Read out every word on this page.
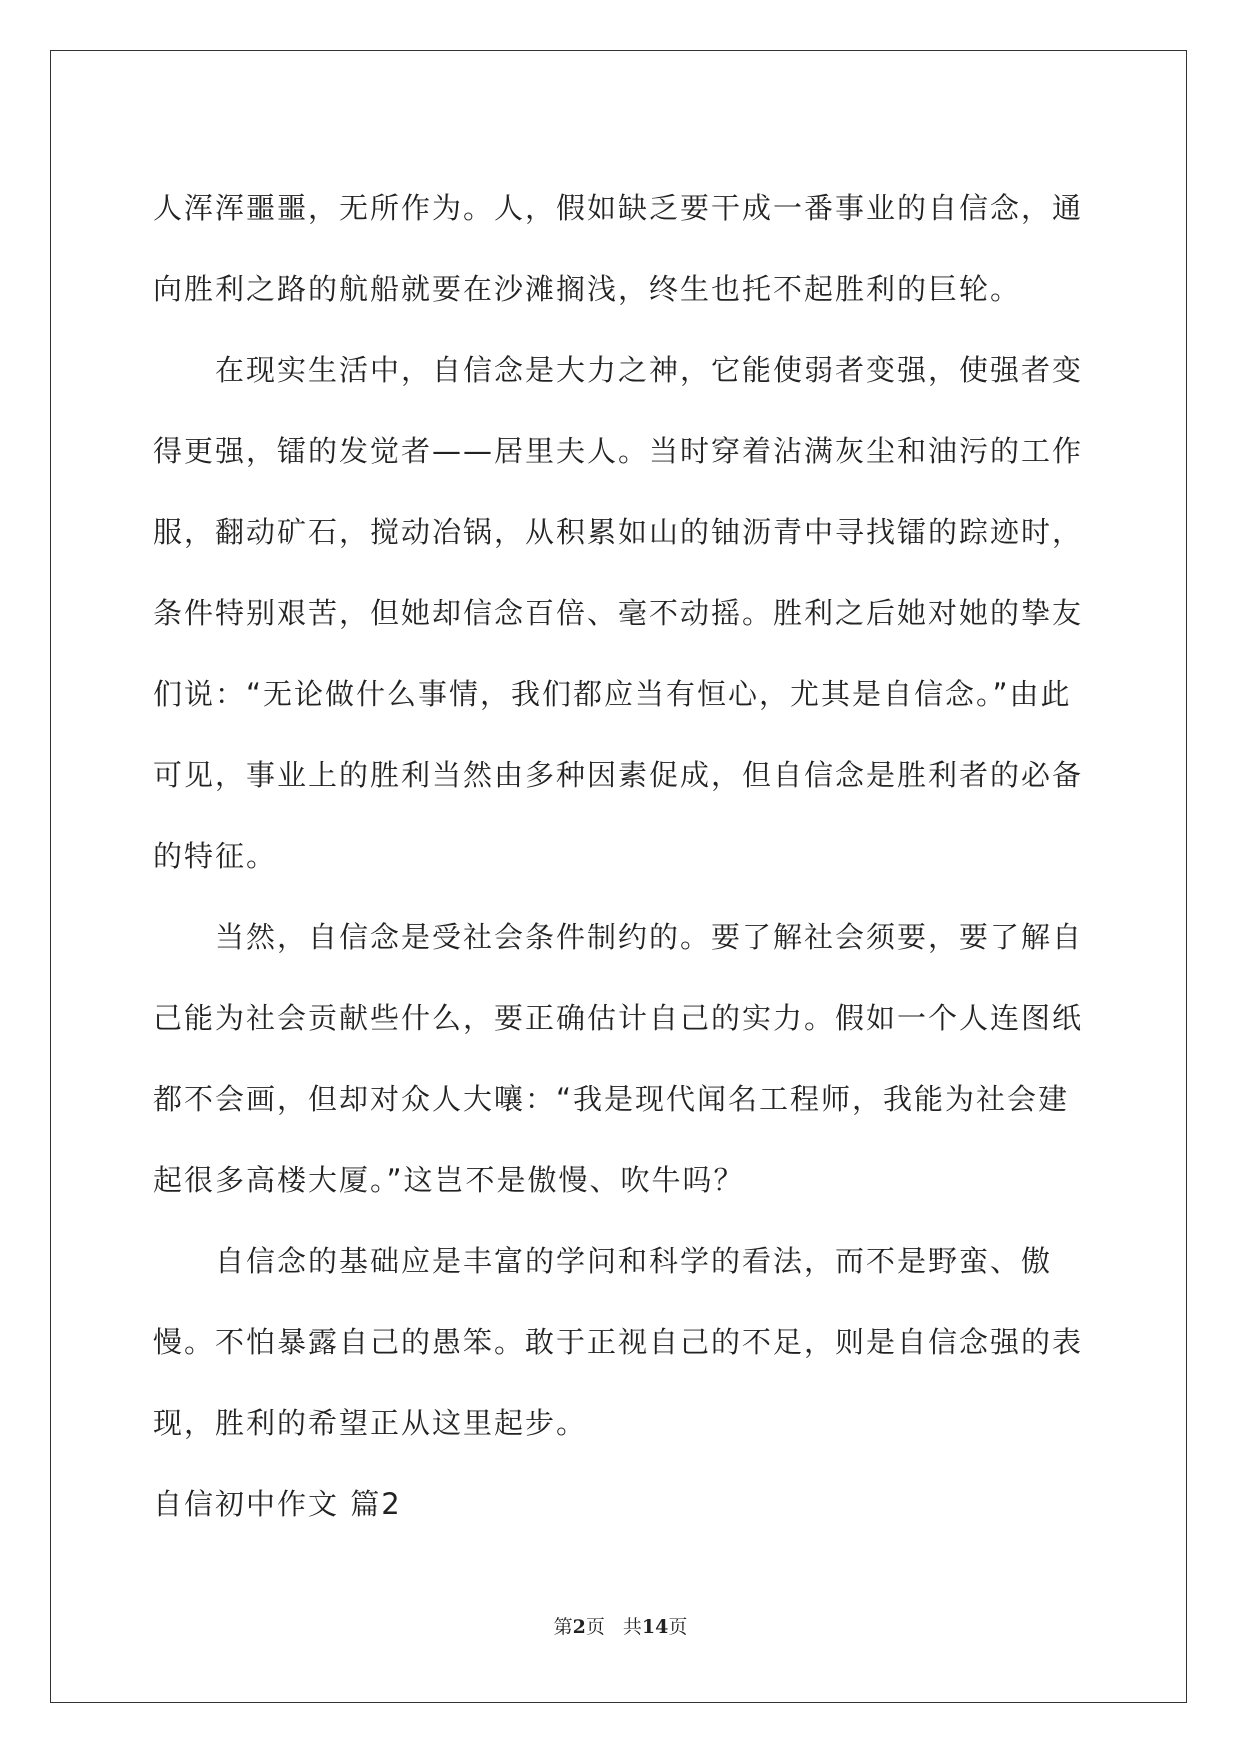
人浑浑噩噩，无所作为。人，假如缺乏要干成一番事业的自信念，通向胜利之路的航船就要在沙滩搁浅，终生也托不起胜利的巨轮。

在现实生活中，自信念是大力之神，它能使弱者变强，使强者变得更强，镭的发觉者——居里夫人。当时穿着沾满灰尘和油污的工作服，翻动矿石，搅动冶锅，从积累如山的铀沥青中寻找镭的踪迹时，条件特别艰苦，但她却信念百倍、毫不动摇。胜利之后她对她的挚友们说：“无论做什么事情，我们都应当有恒心，尤其是自信念。”由此可见，事业上的胜利当然由多种因素促成，但自信念是胜利者的必备的特征。

当然，自信念是受社会条件制约的。要了解社会须要，要了解自己能为社会贡献些什么，要正确估计自己的实力。假如一个人连图纸都不会画，但却对众人大嚷：“我是现代闻名工程师，我能为社会建起很多高楼大厦。”这岂不是傲慢、吹牛吗？

自信念的基础应是丰富的学问和科学的看法，而不是野蛮、傲慢。不怕暴露自己的愚笨。敢于正视自己的不足，则是自信念强的表现，胜利的希望正从这里起步。

自信初中作文 篇2
第2页 共14页
